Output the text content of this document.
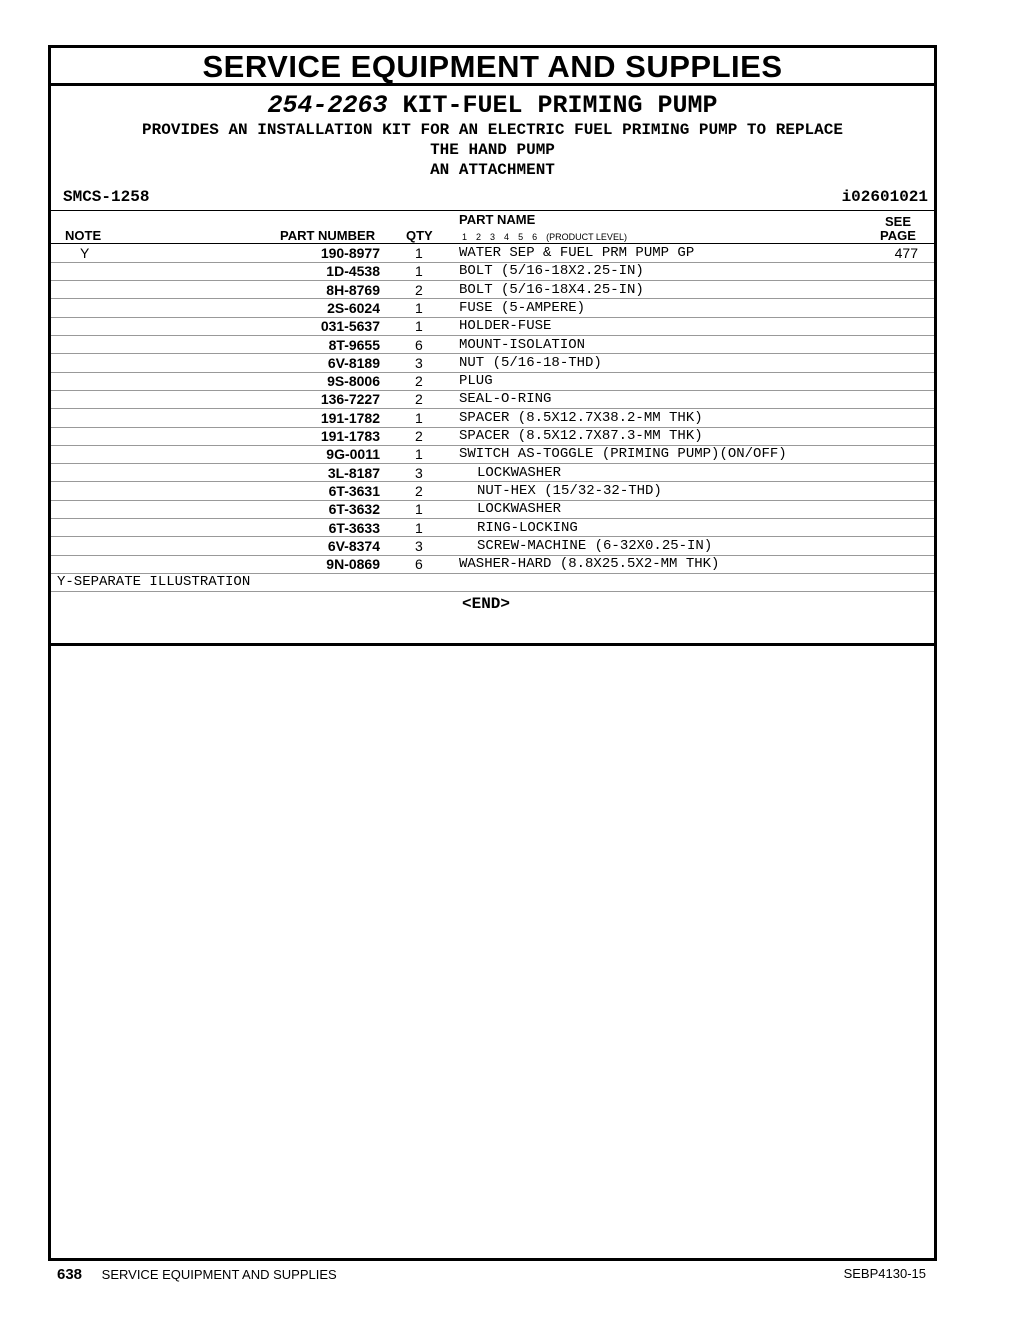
SERVICE EQUIPMENT AND SUPPLIES
254-2263 KIT-FUEL PRIMING PUMP
PROVIDES AN INSTALLATION KIT FOR AN ELECTRIC FUEL PRIMING PUMP TO REPLACE
THE HAND PUMP
AN ATTACHMENT
SMCS-1258	i02601021
PART NAME	SEE
NOTE	PART NUMBER QTY	1 2 3 4 5 6 (PRODUCT LEVEL)	PAGE
Y	190-8977	1	WATER SEP & FUEL PRM PUMP GP	477
1D-4538	1	BOLT (5/16-18X2.25-IN)
8H-8769	2	BOLT (5/16-18X4.25-IN)
2S-6024	1	FUSE (5-AMPERE)
031-5637	1	HOLDER-FUSE
8T-9655	6	MOUNT-ISOLATION
6V-8189	3	NUT (5/16-18-THD)
9S-8006	2	PLUG
136-7227	2	SEAL-O-RING
191-1782	1	SPACER (8.5X12.7X38.2-MM THK)
191-1783	2	SPACER (8.5X12.7X87.3-MM THK)
9G-0011	1	SWITCH AS-TOGGLE (PRIMING PUMP)(ON/OFF)
3L-8187	3	LOCKWASHER
6T-3631	2	NUT-HEX (15/32-32-THD)
6T-3632	1	LOCKWASHER
6T-3633	1	RING-LOCKING
6V-8374	3	SCREW-MACHINE (6-32X0.25-IN)
9N-0869	6	WASHER-HARD (8.8X25.5X2-MM THK)
Y-SEPARATE ILLUSTRATION
<END>
638 SERVICE EQUIPMENT AND SUPPLIES	SEBP4130-15
